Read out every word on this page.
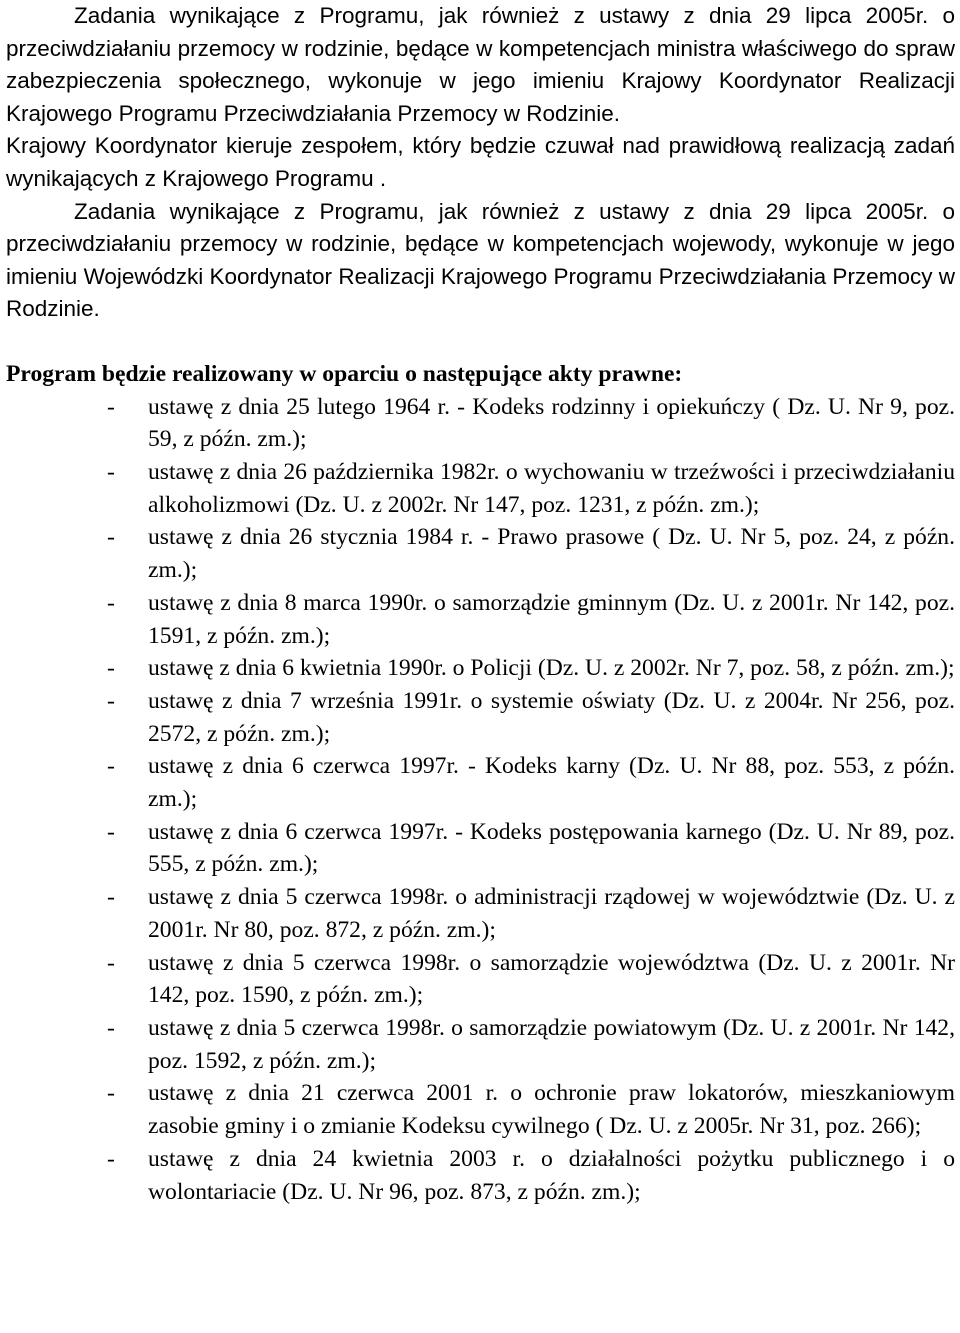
Zadania wynikające z Programu, jak również z ustawy z dnia 29 lipca 2005r. o przeciwdziałaniu przemocy w rodzinie, będące w kompetencjach ministra właściwego do spraw zabezpieczenia społecznego, wykonuje w jego imieniu Krajowy Koordynator Realizacji Krajowego Programu Przeciwdziałania Przemocy w Rodzinie.

Krajowy Koordynator kieruje zespołem, który będzie czuwał nad prawidłową realizacją zadań wynikających z Krajowego Programu .

Zadania wynikające z Programu, jak również z ustawy z dnia 29 lipca 2005r. o przeciwdziałaniu przemocy w rodzinie, będące w kompetencjach wojewody, wykonuje w jego imieniu Wojewódzki Koordynator Realizacji Krajowego Programu Przeciwdziałania Przemocy w Rodzinie.

Program będzie realizowany w oparciu o następujące akty prawne:

- ustawę z dnia 25 lutego 1964 r. - Kodeks rodzinny i opiekuńczy ( Dz. U. Nr 9, poz. 59, z późn. zm.);
- ustawę z dnia 26 października 1982r. o wychowaniu w trzeźwości i przeciwdziałaniu alkoholizmowi (Dz. U. z 2002r. Nr 147, poz. 1231, z późn. zm.);
- ustawę z dnia 26 stycznia 1984 r. - Prawo prasowe ( Dz. U. Nr 5, poz. 24, z późn. zm.);
- ustawę z dnia 8 marca 1990r. o samorządzie gminnym (Dz. U. z 2001r. Nr 142, poz. 1591, z późn. zm.);
- ustawę z dnia 6 kwietnia 1990r. o Policji (Dz. U. z 2002r. Nr 7, poz. 58, z późn. zm.);
- ustawę z dnia 7 września 1991r. o systemie oświaty (Dz. U. z 2004r. Nr 256, poz. 2572, z późn. zm.);
- ustawę z dnia 6 czerwca 1997r. - Kodeks karny (Dz. U. Nr 88, poz. 553, z późn. zm.);
- ustawę z dnia 6 czerwca 1997r. - Kodeks postępowania karnego (Dz. U. Nr 89, poz. 555, z późn. zm.);
- ustawę z dnia 5 czerwca 1998r. o administracji rządowej w województwie (Dz. U. z 2001r. Nr 80, poz. 872, z późn. zm.);
- ustawę z dnia 5 czerwca 1998r. o samorządzie województwa (Dz. U. z 2001r. Nr 142, poz. 1590, z późn. zm.);
- ustawę z dnia 5 czerwca 1998r. o samorządzie powiatowym (Dz. U. z 2001r. Nr 142, poz. 1592, z późn. zm.);
- ustawę z dnia 21 czerwca 2001 r. o ochronie praw lokatorów, mieszkaniowym zasobie gminy i o zmianie Kodeksu cywilnego ( Dz. U. z 2005r. Nr 31, poz. 266);
- ustawę z dnia 24 kwietnia 2003 r. o działalności pożytku publicznego i o wolontariacie (Dz. U. Nr 96, poz. 873, z późn. zm.);
